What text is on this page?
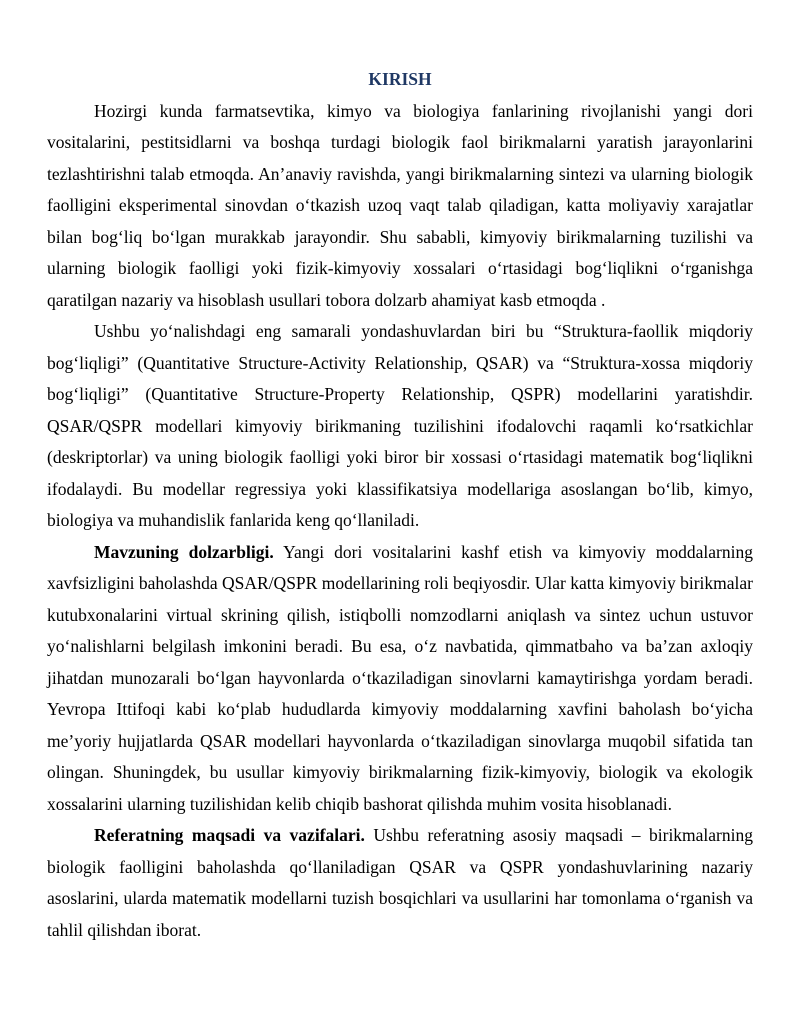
KIRISH

Hozirgi kunda farmatsevtika, kimyo va biologiya fanlarining rivojlanishi yangi dori vositalarini, pestitsidlarni va boshqa turdagi biologik faol birikmalarni yaratish jarayonlarini tezlashtirishni talab etmoqda. An’anaviy ravishda, yangi birikmalarning sintezi va ularning biologik faolligini eksperimental sinovdan oʻtkazish uzoq vaqt talab qiladigan, katta moliyaviy xarajatlar bilan bogʻliq boʻlgan murakkab jarayondir. Shu sababli, kimyoviy birikmalarning tuzilishi va ularning biologik faolligi yoki fizik-kimyoviy xossalari oʻrtasidagi bogʻliqlikni oʻrganishga qaratilgan nazariy va hisoblash usullari tobora dolzarb ahamiyat kasb etmoqda .

Ushbu yoʻnalishdagi eng samarali yondashuvlardan biri bu “Struktura-faollik miqdoriy bogʻliqligi” (Quantitative Structure-Activity Relationship, QSAR) va “Struktura-xossa miqdoriy bogʻliqligi” (Quantitative Structure-Property Relationship, QSPR) modellarini yaratishdir. QSAR/QSPR modellari kimyoviy birikmaning tuzilishini ifodalovchi raqamli koʻrsatkichlar (deskriptorlar) va uning biologik faolligi yoki biror bir xossasi oʻrtasidagi matematik bogʻliqlikni ifodalaydi. Bu modellar regressiya yoki klassifikatsiya modellariga asoslangan boʻlib, kimyo, biologiya va muhandislik fanlarida keng qoʻllaniladi.

Mavzuning dolzarbligi. Yangi dori vositalarini kashf etish va kimyoviy moddalarning xavfsizligini baholashda QSAR/QSPR modellarining roli beqiyosdir. Ular katta kimyoviy birikmalar kutubxonalarini virtual skrining qilish, istiqbolli nomzodlarni aniqlash va sintez uchun ustuvor yoʻnalishlarni belgilash imkonini beradi. Bu esa, oʻz navbatida, qimmatbaho va ba’zan axloqiy jihatdan munozarali boʻlgan hayvonlarda oʻtkaziladigan sinovlarni kamaytirishga yordam beradi. Yevropa Ittifoqi kabi koʻplab hududlarda kimyoviy moddalarning xavfini baholash boʻyicha me’yoriy hujjatlarda QSAR modellari hayvonlarda oʻtkaziladigan sinovlarga muqobil sifatida tan olingan. Shuningdek, bu usullar kimyoviy birikmalarning fizik-kimyoviy, biologik va ekologik xossalarini ularning tuzilishidan kelib chiqib bashorat qilishda muhim vosita hisoblanadi.

Referatning maqsadi va vazifalari. Ushbu referatning asosiy maqsadi – birikmalarning biologik faolligini baholashda qoʻllaniladigan QSAR va QSPR yondashuvlarining nazariy asoslarini, ularda matematik modellarni tuzish bosqichlari va usullarini har tomonlama oʻrganish va tahlil qilishdan iborat.
